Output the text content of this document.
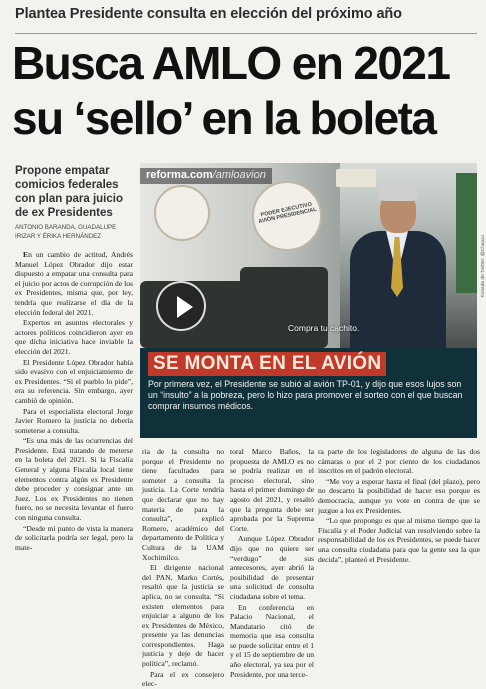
Plantea Presidente consulta en elección del próximo año
Busca AMLO en 2021
su ‘sello’ en la boleta
Propone empatar comicios federales con plan para juicio de ex Presidentes
ANTONIO BARANDA, GUADALUPE IRIZAR Y ÉRIKA HERNÁNDEZ
PODER EJECUTIVO AVIÓN PRESIDENCIAL
reforma.com/amloavion
Compra tu cachito.
SE MONTA EN EL AVIÓN
Por primera vez, el Presidente se subió al avión TP-01, y dijo que esos lujos son un “insulto” a la pobreza, pero lo hizo para promover el sorteo con el que buscan comprar insumos médicos.
Tomada de Twitter: @ChapaJ

En un cambio de actitud, Andrés Manuel López Obrador dijo estar dispuesto a empatar una consulta para el juicio por actos de corrupción de los ex Presidentes, misma que, por ley, tendría que realizarse el día de la elección federal del 2021.

Expertos en asuntos electorales y actores políticos coincidieron ayer en que dicha iniciativa hace inviable la elección del 2021.

El Presidente López Obrador había sido evasivo con el enjuiciamiento de ex Presidentes. “Si el pueblo lo pide”, era su referencia. Sin embargo, ayer cambió de opinión.

Para el especialista electoral Jorge Javier Romero la justicia no debería someterse a consulta.

“Es una más de las ocurrencias del Presidente. Está tratando de meterse en la boleta del 2021. Si la Fiscalía General y alguna Fiscalía local tiene elementos contra algún ex Presidente debe proceder y consignar ante un Juez. Los ex Presidentes no tienen fuero, no se necesita levantar el fuero con ninguna consulta.

“Desde mi punto de vista la manera de solicitarla podría ser legal, pero la mate-

ria de la consulta no porque el Presidente no tiene facultades para someter a consulta la justicia. La Corte tendría que declarar que no hay materia de para la consulta”, explicó Romero, académico del departamento de Política y Cultura de la UAM Xochimilco.

El dirigente nacional del PAN, Marko Cortés, resaltó que la justicia se aplica, no se consulta. “Si existen elementos para enjuiciar a alguno de los ex Presidentes de México, presente ya las denuncias correspondientes. Haga justicia y deje de hacer política”, reclamó.

Para el ex consejero elec-

toral Marco Baños, la propuesta de AMLO es no se podría realizar en el proceso electoral, sino hasta el primer domingo de agosto del 2021, y resaltó que la pregunta debe ser aprobada por la Suprema Corte.

Aunque López Obrador dijo que no quiere ser “verdugo” de sus antecesores, ayer abrió la posibilidad de presentar una solicitud de consulta ciudadana sobre el tema.

En conferencia en Palacio Nacional, el Mandatario citó de memoria que esa consulta se puede solicitar entre el 1 y el 15 de septiembre de un año electoral, ya sea por el Presidente, por una terce-

ra parte de los legisladores de alguna de las dos cámaras o por el 2 por ciento de los ciudadanos inscritos en el padrón electoral.

“Me voy a esperar hasta el final (del plazo), pero no descarto la posibilidad de hacer eso porque es democracia, aunque yo vote en contra de que se juzgue a los ex Presidentes.

“Lo que propongo es que al mismo tiempo que la Fiscalía y el Poder Judicial van resolviendo sobre la responsabilidad de los ex Presidentes, se puede hacer una consulta ciudadana para que la gente sea la que decida”, planteó el Presidente.
